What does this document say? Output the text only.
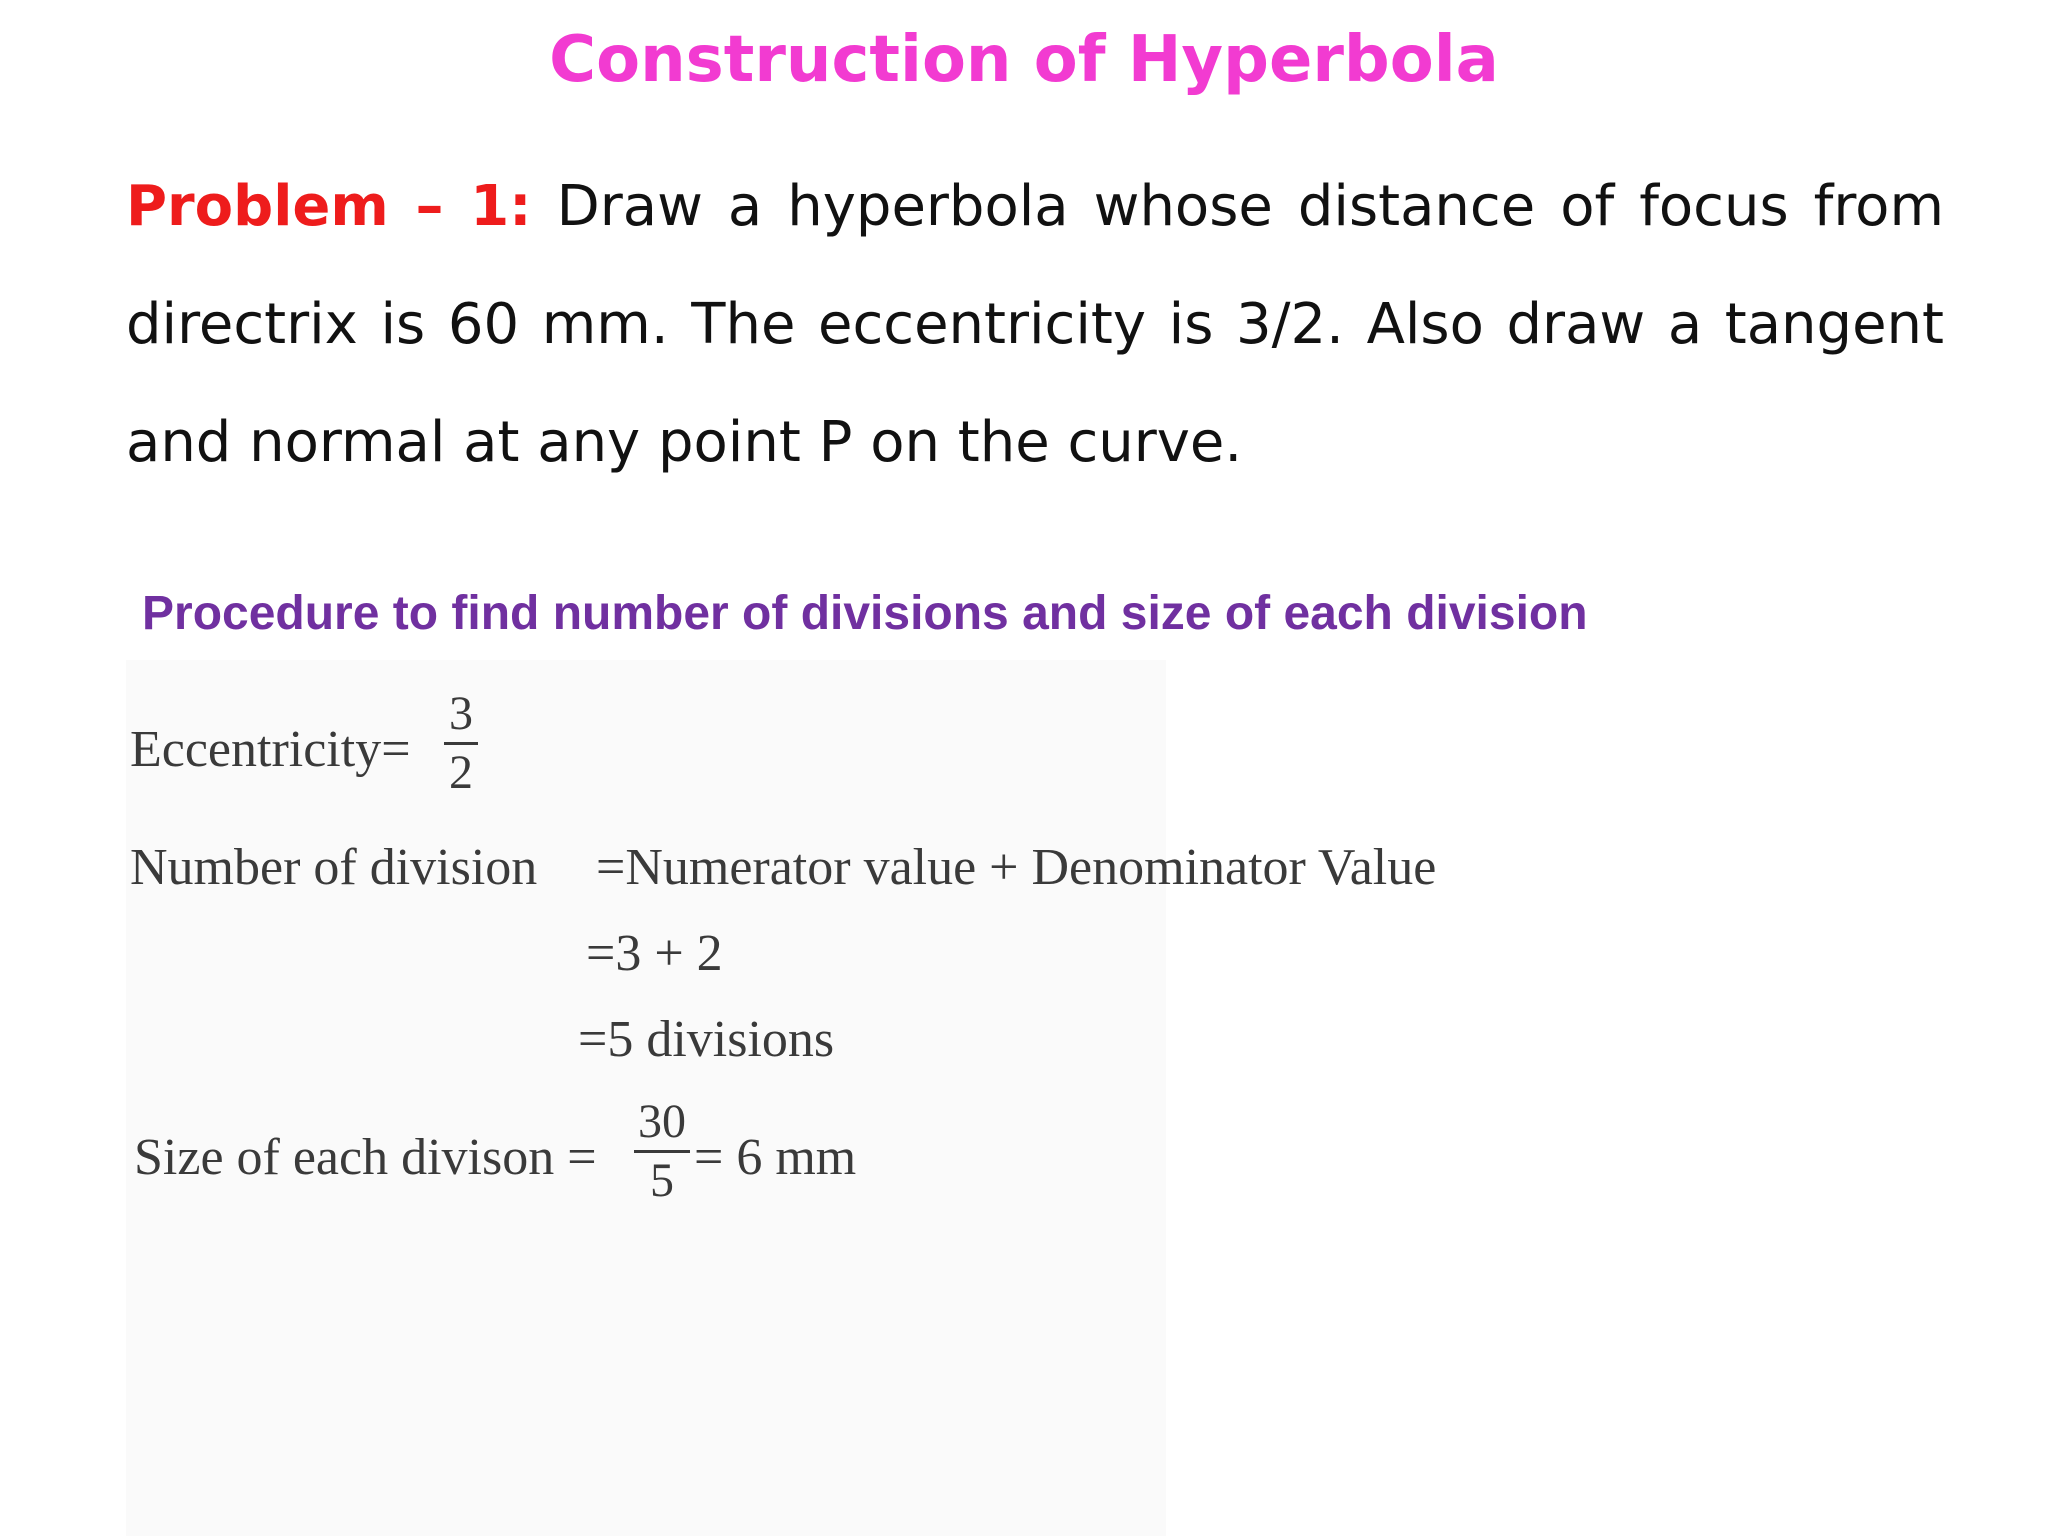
Construction of Hyperbola
Problem – 1: Draw a hyperbola whose distance of focus from directrix is 60 mm. The eccentricity is 3/2. Also draw a tangent and normal at any point P on the curve.
Procedure to find number of divisions and size of each division
Eccentricity=
3
2
Number of division =Numerator value + Denominator Value
=3 + 2
=5 divisions
Size of each divison =
30
5 = 6 mm
